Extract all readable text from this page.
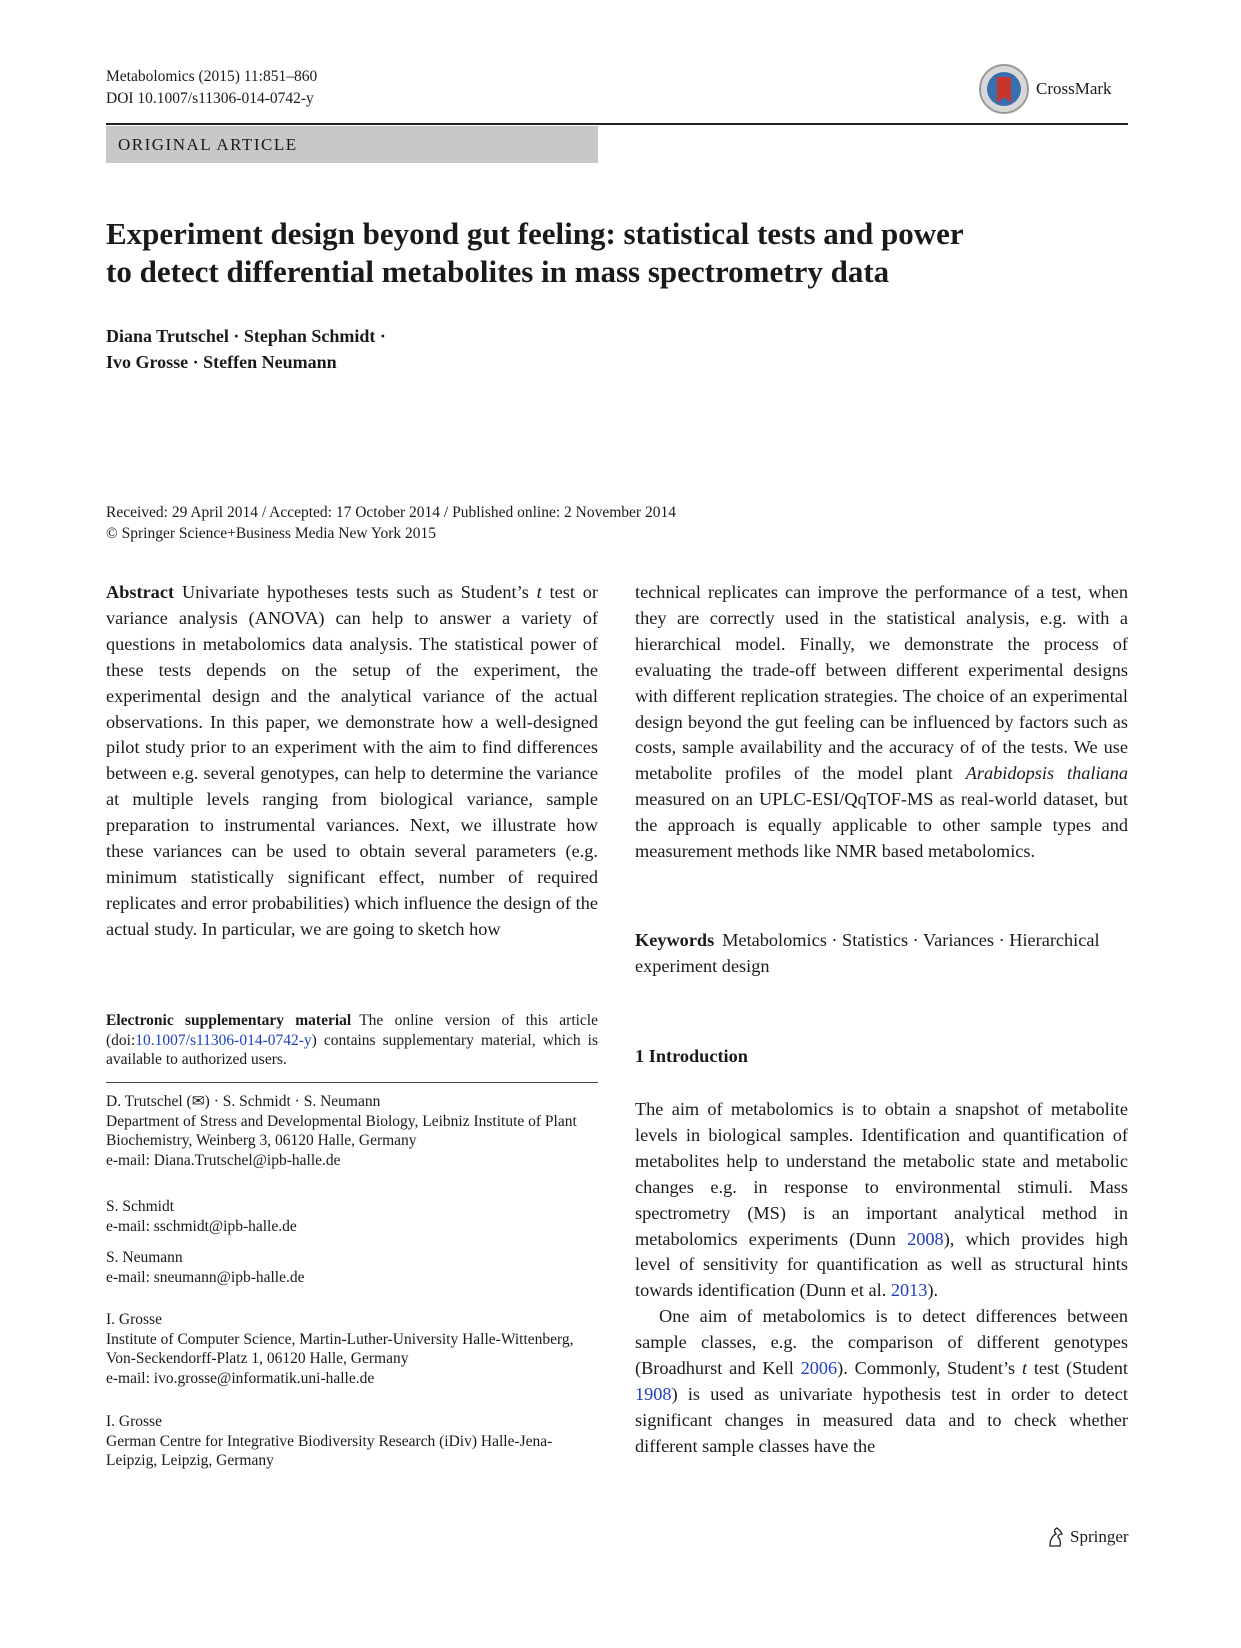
Metabolomics (2015) 11:851–860
DOI 10.1007/s11306-014-0742-y
CrossMark
ORIGINAL ARTICLE
Experiment design beyond gut feeling: statistical tests and power
to detect differential metabolites in mass spectrometry data
Diana Trutschel · Stephan Schmidt ·
Ivo Grosse · Steffen Neumann
Received: 29 April 2014 / Accepted: 17 October 2014 / Published online: 2 November 2014
© Springer Science+Business Media New York 2015

Abstract Univariate hypotheses tests such as Student’s t test or variance analysis (ANOVA) can help to answer a variety of questions in metabolomics data analysis. The statistical power of these tests depends on the setup of the experiment, the experimental design and the analytical variance of the actual observations. In this paper, we demonstrate how a well-designed pilot study prior to an experiment with the aim to find differences between e.g. several genotypes, can help to determine the variance at multiple levels ranging from biological variance, sample preparation to instrumental variances. Next, we illustrate how these variances can be used to obtain several parameters (e.g. minimum statistically significant effect, number of required replicates and error probabilities) which influence the design of the actual study. In particular, we are going to sketch how

Electronic supplementary material The online version of this article (doi:10.1007/s11306-014-0742-y) contains supplementary material, which is available to authorized users.
D. Trutschel (✉) · S. Schmidt · S. Neumann
Department of Stress and Developmental Biology, Leibniz Institute of Plant Biochemistry, Weinberg 3, 06120 Halle, Germany
e-mail: Diana.Trutschel@ipb-halle.de
S. Schmidt
e-mail: sschmidt@ipb-halle.de
S. Neumann
e-mail: sneumann@ipb-halle.de
I. Grosse
Institute of Computer Science, Martin-Luther-University Halle-Wittenberg, Von-Seckendorff-Platz 1, 06120 Halle, Germany
e-mail: ivo.grosse@informatik.uni-halle.de
I. Grosse
German Centre for Integrative Biodiversity Research (iDiv) Halle-Jena-Leipzig, Leipzig, Germany

technical replicates can improve the performance of a test, when they are correctly used in the statistical analysis, e.g. with a hierarchical model. Finally, we demonstrate the process of evaluating the trade-off between different experimental designs with different replication strategies. The choice of an experimental design beyond the gut feeling can be influenced by factors such as costs, sample availability and the accuracy of of the tests. We use metabolite profiles of the model plant Arabidopsis thaliana measured on an UPLC-ESI/QqTOF-MS as real-world dataset, but the approach is equally applicable to other sample types and measurement methods like NMR based metabolomics.

Keywords Metabolomics · Statistics · Variances · Hierarchical experiment design

1 Introduction

The aim of metabolomics is to obtain a snapshot of metabolite levels in biological samples. Identification and quantification of metabolites help to understand the metabolic state and metabolic changes e.g. in response to environmental stimuli. Mass spectrometry (MS) is an important analytical method in metabolomics experiments (Dunn 2008), which provides high level of sensitivity for quantification as well as structural hints towards identification (Dunn et al. 2013).

One aim of metabolomics is to detect differences between sample classes, e.g. the comparison of different genotypes (Broadhurst and Kell 2006). Commonly, Student’s t test (Student 1908) is used as univariate hypothesis test in order to detect significant changes in measured data and to check whether different sample classes have the

Springer
